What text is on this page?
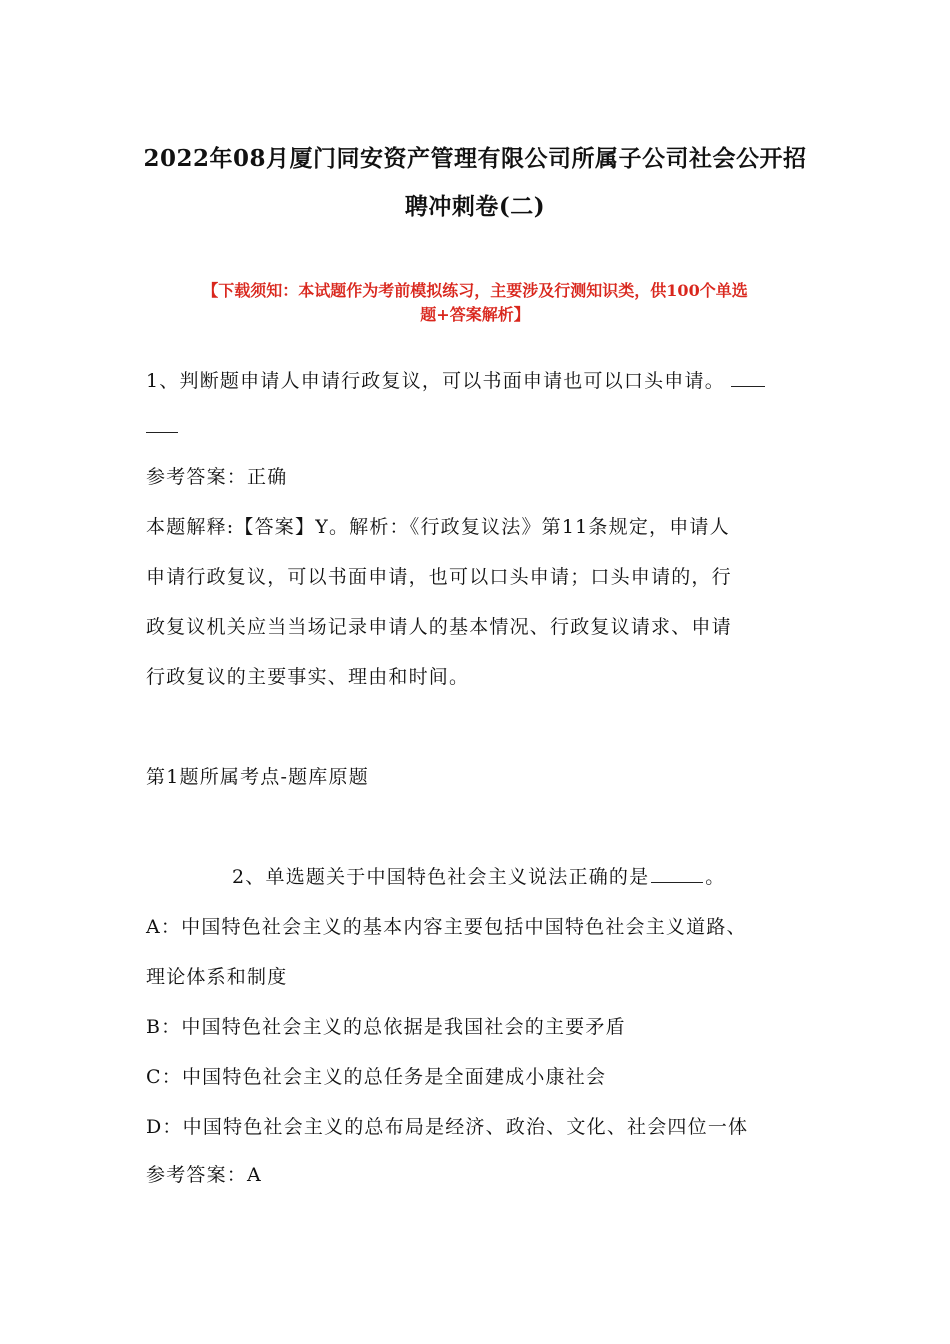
2022年08月厦门同安资产管理有限公司所属子公司社会公开招
聘冲刺卷(二)
【下载须知：本试题作为考前模拟练习，主要涉及行测知识类，供100个单选
题+答案解析】
1、判断题申请人申请行政复议，可以书面申请也可以口头申请。
参考答案：正确
本题解释:【答案】Y。解析：《行政复议法》第11条规定，申请人
申请行政复议，可以书面申请，也可以口头申请；口头申请的，行
政复议机关应当当场记录申请人的基本情况、行政复议请求、申请
行政复议的主要事实、理由和时间。
第1题所属考点-题库原题
2、单选题关于中国特色社会主义说法正确的是	。
A：中国特色社会主义的基本内容主要包括中国特色社会主义道路、
理论体系和制度
B：中国特色社会主义的总依据是我国社会的主要矛盾
C：中国特色社会主义的总任务是全面建成小康社会
D：中国特色社会主义的总布局是经济、政治、文化、社会四位一体
参考答案：A
